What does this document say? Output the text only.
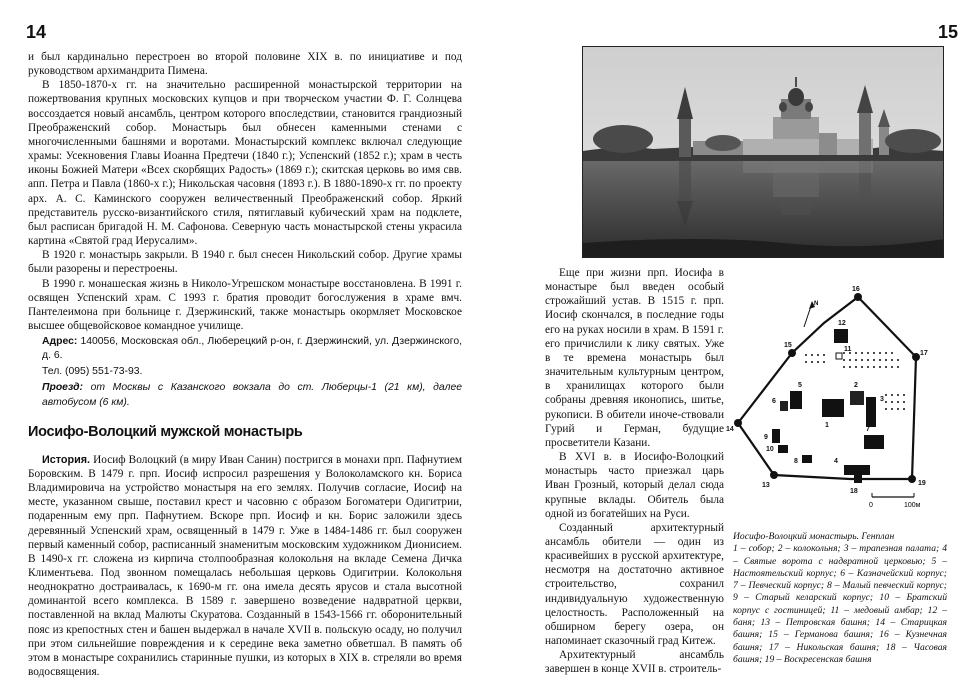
14	15

и был кардинально перестроен во второй половине XIX в. по инициативе и под руководством архимандрита Пимена.

В 1850-1870-х гг. на значительно расширенной монастырской территории на пожертвования крупных московских купцов и при творческом участии Ф. Г. Солнцева воссоздается новый ансамбль, центром которого впоследствии, становится грандиозный Преображенский собор. Монастырь был обнесен каменными стенами с многочисленными башнями и воротами. Монастырский комплекс включал следующие храмы: Усекновения Главы Иоанна Предтечи (1840 г.); Успенский (1852 г.); храм в честь иконы Божией Матери «Всех скорбящих Радость» (1869 г.); скитская церковь во имя свв. апп. Петра и Павла (1860-х г.); Никольская часовня (1893 г.). В 1880-1890-х гг. по проекту арх. А. С. Каминского сооружен величественный Преображенский собор. Яркий представитель русско-византийского стиля, пятиглавый кубический храм на подклете, был расписан бригадой Н. М. Сафонова. Северную часть монастырской стены украсила картина «Святой град Иерусалим».

В 1920 г. монастырь закрыли. В 1940 г. был снесен Никольский собор. Другие храмы были разорены и перестроены.

В 1990 г. монашеская жизнь в Николо-Угрешском монастыре восстановлена. В 1991 г. освящен Успенский храм. С 1993 г. братия проводит богослужения в храме вмч. Пантелеимона при больнице г. Дзержинский, также монастырь окормляет Московское высшее общевойсковое командное училище.

Адрес: 140056, Московская обл., Люберецкий р-он, г. Дзержинский, ул. Дзержинского, д. 6.
Тел. (095) 551-73-93.
Проезд: от Москвы с Казанского вокзала до ст. Люберцы-1 (21 км), далее автобусом (6 км).
Иосифо-Волоцкий мужской монастырь

История. Иосиф Волоцкий (в миру Иван Санин) постригся в монахи прп. Пафнутием Боровским. В 1479 г. прп. Иосиф испросил разрешения у Волоколамского кн. Бориса Владимировича на устройство монастыря на его землях. Получив согласие, Иосиф на месте, указанном свыше, поставил крест и часовню с образом Богоматери Одигитрии, подаренным ему прп. Пафнутием. Вскоре прп. Иосиф и кн. Борис заложили здесь деревянный Успенский храм, освященный в 1479 г. Уже в 1484-1486 гг. был сооружен первый каменный собор, расписанный знаменитым московским художником Дионисием. В 1490-х гг. сложена из кирпича столпообразная колокольня на вкладе Семена Дичка Климентьева. Под звонном помещалась небольшая церковь Одигитрии. Колокольня неоднократно достраивалась, к 1690-м гг. она имела десять ярусов и стала высотной доминантой всего комплекса. В 1589 г. завершено возведение надвратной церкви, поставленной на вклад Малюты Скуратова. Созданный в 1543-1566 гг. оборонительный пояс из крепостных стен и башен выдержал в начале XVII в. польскую осаду, но получил при этом сильнейшие повреждения и к середине века заметно обветшал. В память об этом в монастыре сохранились старинные пушки, из которых в XIX в. стреляли во время водосвящения.

Еще при жизни прп. Иосифа в монастыре был введен особый строжайший устав. В 1515 г. прп. Иосиф скончался, в последние годы его на руках носили в храм. В 1591 г. его причислили к лику святых. Уже в те времена монастырь был значительным культурным центром, в хранилищах которого были собраны древняя иконопись, шитье, рукописи. В обители иноче-ствовали Гурий и Герман, будущие просветители Казани.

В XVI в. в Иосифо-Волоцкий монастырь часто приезжал царь Иван Грозный, который делал сюда крупные вклады. Обитель была одной из богатейших на Руси.

Созданный архитектурный ансамбль обители — один из красивейших в русской архитектуре, несмотря на достаточно активное строительство, сохранил индивидуальную художественную целостность. Расположенный на обширном берегу озера, он напоминает сказочный град Китеж.

Архитектурный ансамбль завершен в конце XVII в. строитель-

1
2
3
4
5
6
7
8
9
10
11
12
13
14
15
16
17
18
19
N
0	100м
Иосифо-Волоцкий монастырь. Генплан
1 – собор; 2 – колокольня; 3 – трапезная палата; 4 – Святые ворота с надвратной церковью; 5 – Настоятельский корпус; 6 – Казначейский корпус; 7 – Певческий корпус; 8 – Малый певческий корпус; 9 – Старый келарский корпус; 10 – Братский корпус с гостиницей; 11 – медовый амбар; 12 – баня; 13 – Петровская башня; 14 – Старицкая башня; 15 – Германова башня; 16 – Кузнечная башня; 17 – Никольская башня; 18 – Часовая башня; 19 – Воскресенская башня
